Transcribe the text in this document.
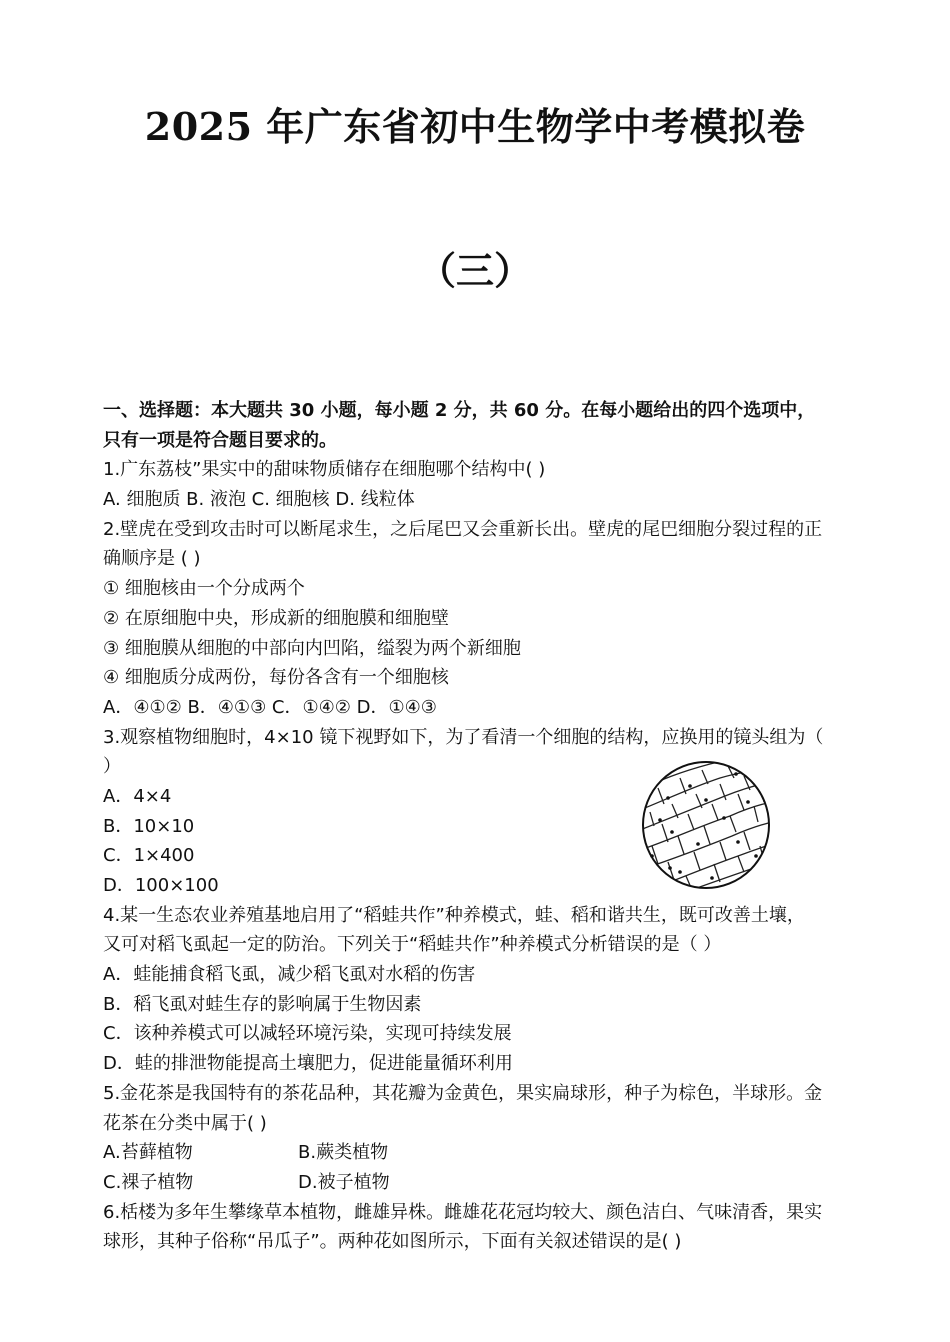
2025 年广东省初中生物学中考模拟卷
（三）
一、选择题：本大题共 30 小题，每小题 2 分，共 60 分。在每小题给出的四个选项中，
只有一项是符合题目要求的。
1.广东荔枝”果实中的甜味物质储存在细胞哪个结构中( )
A. 细胞质 B. 液泡 C. 细胞核 D. 线粒体
2.壁虎在受到攻击时可以断尾求生，之后尾巴又会重新长出。壁虎的尾巴细胞分裂过程的正
确顺序是 ( )
① 细胞核由一个分成两个
② 在原细胞中央，形成新的细胞膜和细胞壁
③ 细胞膜从细胞的中部向内凹陷，缢裂为两个新细胞
④ 细胞质分成两份，每份各含有一个细胞核
A．④①② B．④①③ C．①④② D．①④③
3.观察植物细胞时，4×10 镜下视野如下，为了看清一个细胞的结构，应换用的镜头组为（
）
A．4×4
B．10×10
C．1×400
D．100×100
4.某一生态农业养殖基地启用了“稻蛙共作”种养模式，蛙、稻和谐共生，既可改善土壤，
又可对稻飞虱起一定的防治。下列关于“稻蛙共作”种养模式分析错误的是（ ）
A．蛙能捕食稻飞虱，减少稻飞虱对水稻的伤害
B．稻飞虱对蛙生存的影响属于生物因素
C．该种养模式可以减轻环境污染，实现可持续发展
D．蛙的排泄物能提高土壤肥力，促进能量循环利用
5.金花茶是我国特有的茶花品种，其花瓣为金黄色，果实扁球形，种子为棕色，半球形。金
花茶在分类中属于( )
A.苔藓植物	B.蕨类植物
C.裸子植物	D.被子植物
6.栝楼为多年生攀缘草本植物，雌雄异株。雌雄花花冠均较大、颜色洁白、气味清香，果实
球形，其种子俗称“吊瓜子”。两种花如图所示，下面有关叙述错误的是( )
